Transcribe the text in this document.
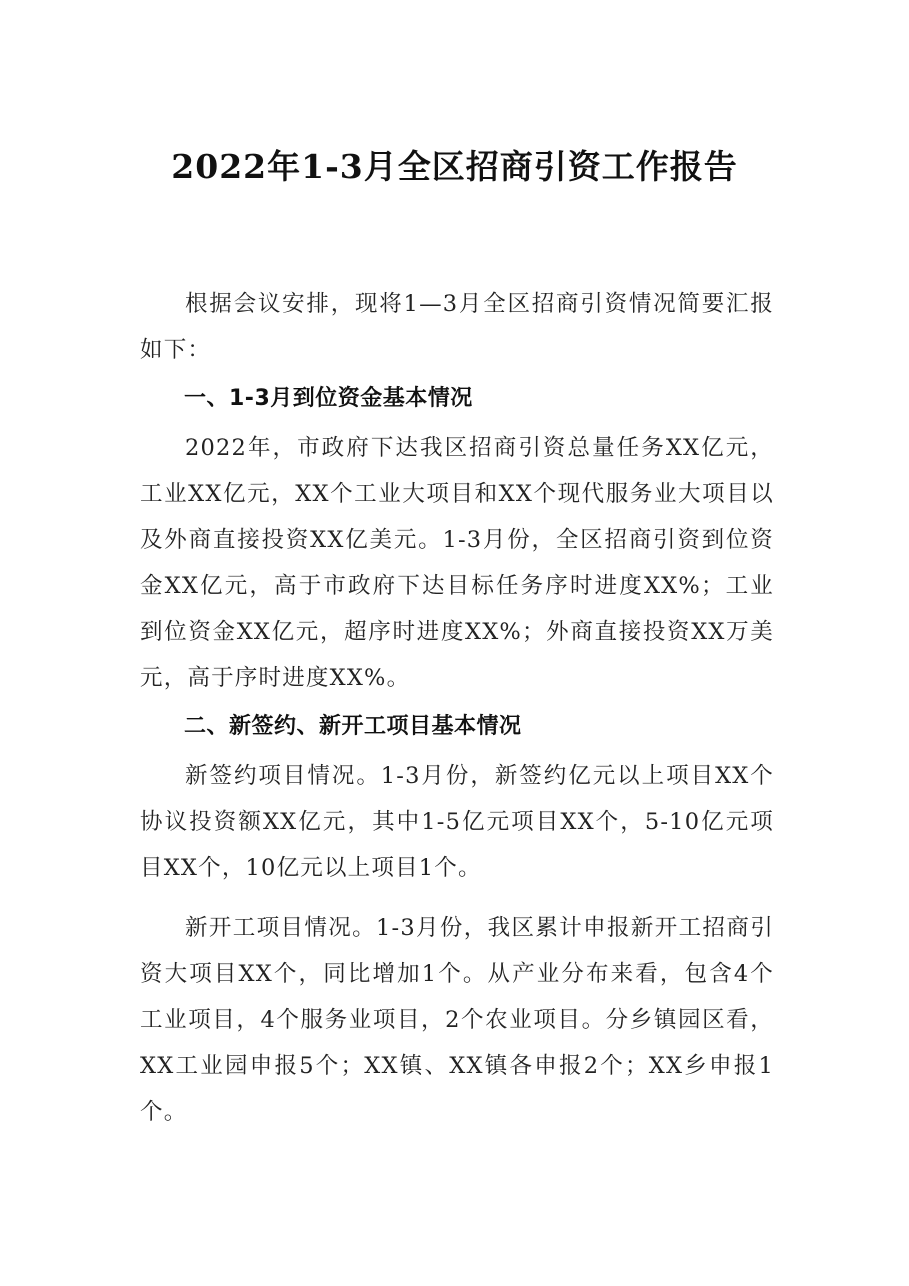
2022年1-3月全区招商引资工作报告

根据会议安排，现将1—3月全区招商引资情况简要汇报如下：

一、1-3月到位资金基本情况

2022年，市政府下达我区招商引资总量任务XX亿元，工业XX亿元，XX个工业大项目和XX个现代服务业大项目以及外商直接投资XX亿美元。1-3月份，全区招商引资到位资金XX亿元，高于市政府下达目标任务序时进度XX%；工业到位资金XX亿元，超序时进度XX%；外商直接投资XX万美元，高于序时进度XX%。

二、新签约、新开工项目基本情况

新签约项目情况。1-3月份，新签约亿元以上项目XX个协议投资额XX亿元，其中1-5亿元项目XX个，5-10亿元项目XX个，10亿元以上项目1个。

新开工项目情况。1-3月份，我区累计申报新开工招商引资大项目XX个，同比增加1个。从产业分布来看，包含4个工业项目，4个服务业项目，2个农业项目。分乡镇园区看，XX工业园申报5个；XX镇、XX镇各申报2个；XX乡申报1个。
